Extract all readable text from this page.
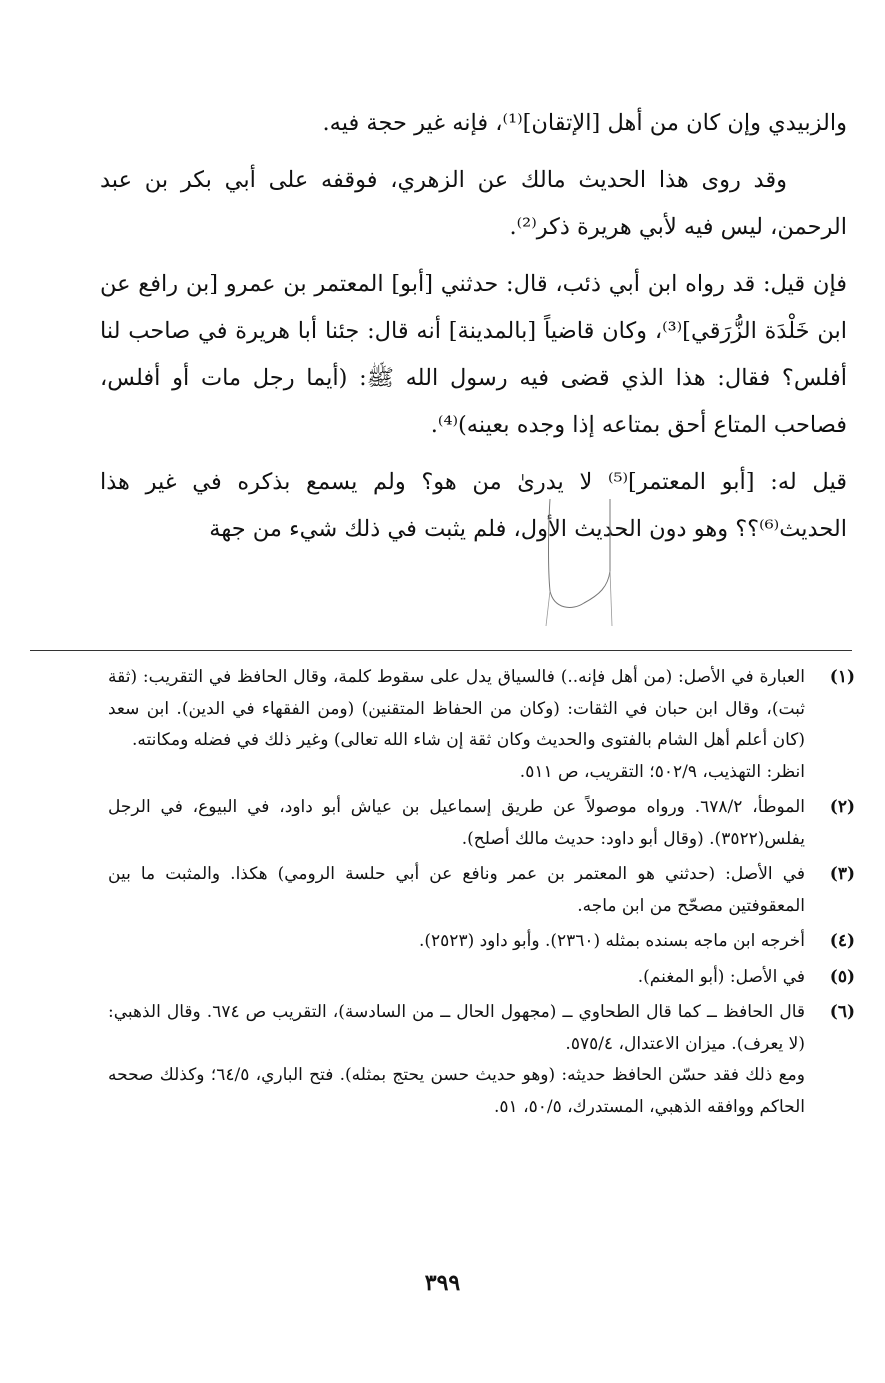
والزبيدي وإن كان من أهل [الإتقان]⁽¹⁾، فإنه غير حجة فيه.

وقد روى هذا الحديث مالك عن الزهري، فوقفه على أبي بكر بن عبد الرحمن، ليس فيه لأبي هريرة ذكر⁽²⁾.

فإن قيل: قد رواه ابن أبي ذئب، قال: حدثني [أبو] المعتمر بن عمرو [بن رافع عن ابن خَلْدَة الزُّرَقي]⁽³⁾، وكان قاضياً [بالمدينة] أنه قال: جئنا أبا هريرة في صاحب لنا أفلس؟ فقال: هذا الذي قضى فيه رسول الله ﷺ: (أيما رجل مات أو أفلس، فصاحب المتاع أحق بمتاعه إذا وجده بعينه)⁽⁴⁾.

قيل له: [أبو المعتمر]⁽⁵⁾ لا يدرىٰ من هو؟ ولم يسمع بذكره في غير هذا الحديث⁽⁶⁾؟؟ وهو دون الحديث الأول، فلم يثبت في ذلك شيء من جهة

(١)
العبارة في الأصل: (من أهل فإنه..) فالسياق يدل على سقوط كلمة، وقال الحافظ في التقريب: (ثقة ثبت)، وقال ابن حبان في الثقات: (وكان من الحفاظ المتقنين) (ومن الفقهاء في الدين). ابن سعد (كان أعلم أهل الشام بالفتوى والحديث وكان ثقة إن شاء الله تعالى) وغير ذلك في فضله ومكانته.
انظر: التهذيب، ٥٠٢/٩؛ التقريب، ص ٥١١.
(٢)
الموطأ، ٦٧٨/٢. ورواه موصولاً عن طريق إسماعيل بن عياش أبو داود، في البيوع، في الرجل يفلس(٣٥٢٢). (وقال أبو داود: حديث مالك أصلح).
(٣)
في الأصل: (حدثني هو المعتمر بن عمر ونافع عن أبي حلسة الرومي) هكذا. والمثبت ما بين المعقوفتين مصحّح من ابن ماجه.
(٤)
أخرجه ابن ماجه بسنده بمثله (٢٣٦٠). وأبو داود (٢٥٢٣).
(٥)
في الأصل: (أبو المغنم).
(٦)
قال الحافظ ــ كما قال الطحاوي ــ (مجهول الحال ــ من السادسة)، التقريب ص ٦٧٤. وقال الذهبي: (لا يعرف). ميزان الاعتدال، ٥٧٥/٤.
ومع ذلك فقد حسّن الحافظ حديثه: (وهو حديث حسن يحتج بمثله). فتح الباري، ٦٤/٥؛ وكذلك صححه الحاكم ووافقه الذهبي، المستدرك، ٥٠/٥، ٥١.
٣٩٩
